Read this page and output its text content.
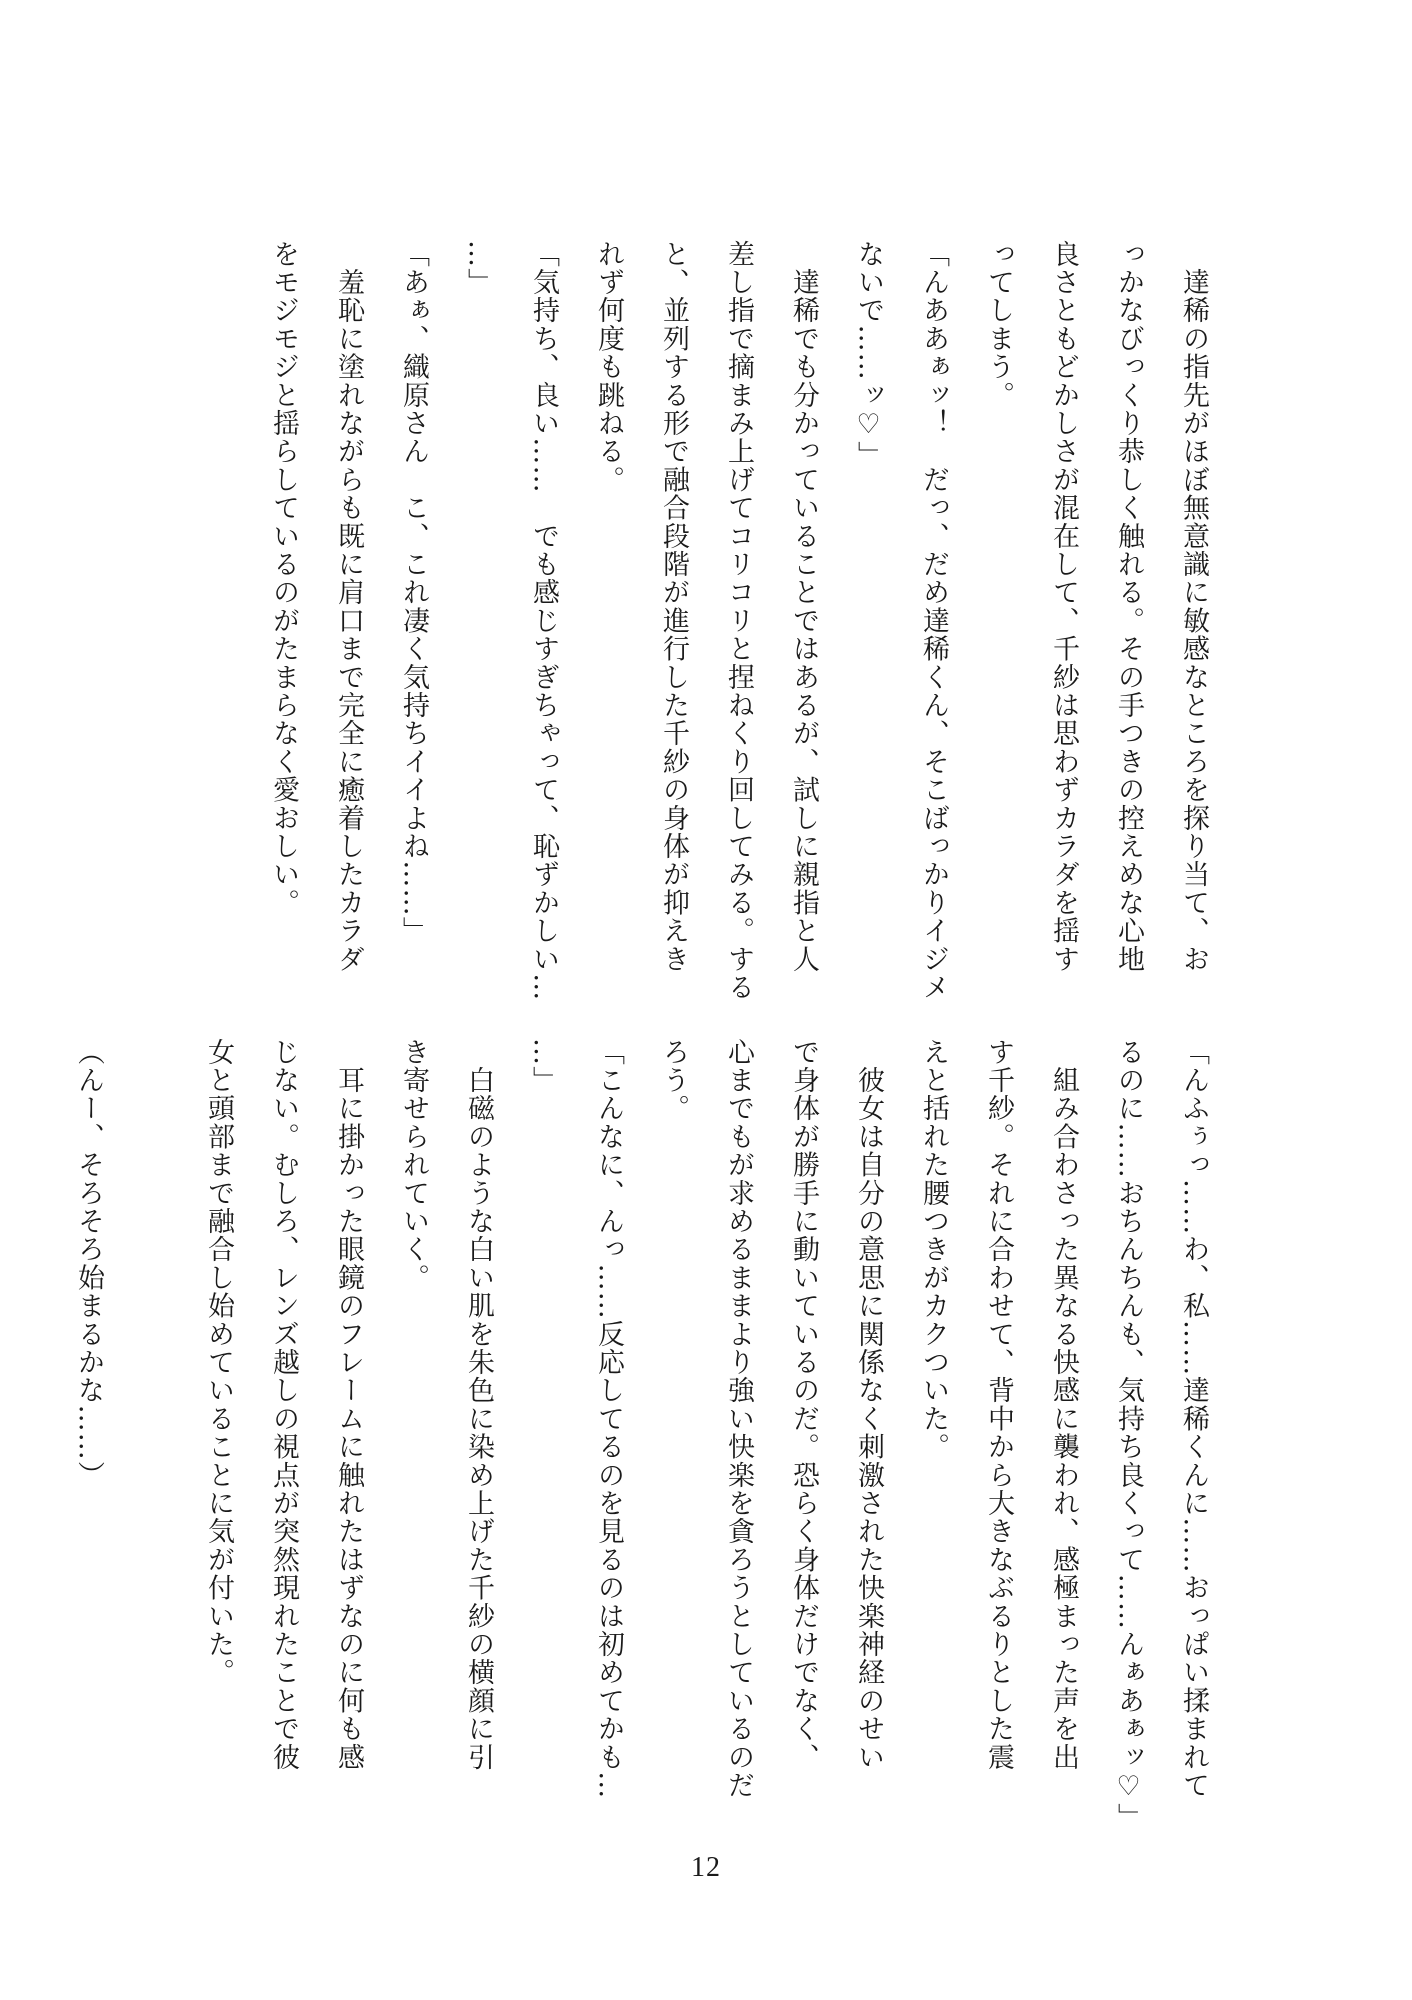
　達稀の指先がほぼ無意識に敏感なところを探り当て、お
っかなびっくり恭しく触れる。その手つきの控えめな心地
良さともどかしさが混在して、千紗は思わずカラダを揺す
ってしまう。
「んああぁッ！　だっ、だめ達稀くん、そこばっかりイジメ
ないで……ッ♡」
　達稀でも分かっていることではあるが、試しに親指と人
差し指で摘まみ上げてコリコリと捏ねくり回してみる。する
と、並列する形で融合段階が進行した千紗の身体が抑えき
れず何度も跳ねる。
「気持ち、良い……　でも感じすぎちゃって、恥ずかしい…
…」
「あぁ、織原さん　こ、これ凄く気持ちイイよね……」
　羞恥に塗れながらも既に肩口まで完全に癒着したカラダ
をモジモジと揺らしているのがたまらなく愛おしい。
「んふぅっ……わ、私……達稀くんに……おっぱい揉まれて
るのに……おちんちんも、気持ち良くって……んぁあぁッ♡」
　組み合わさった異なる快感に襲われ、感極まった声を出
す千紗。それに合わせて、背中から大きなぶるりとした震
えと括れた腰つきがカクついた。
　彼女は自分の意思に関係なく刺激された快楽神経のせい
で身体が勝手に動いているのだ。恐らく身体だけでなく、
心までもが求めるままより強い快楽を貪ろうとしているのだ
ろう。
「こんなに、んっ……反応してるのを見るのは初めてかも…
…」
　白磁のような白い肌を朱色に染め上げた千紗の横顔に引
き寄せられていく。
　耳に掛かった眼鏡のフレームに触れたはずなのに何も感
じない。むしろ、レンズ越しの視点が突然現れたことで彼
女と頭部まで融合し始めていることに気が付いた。

（んー、そろそろ始まるかな……）
12
